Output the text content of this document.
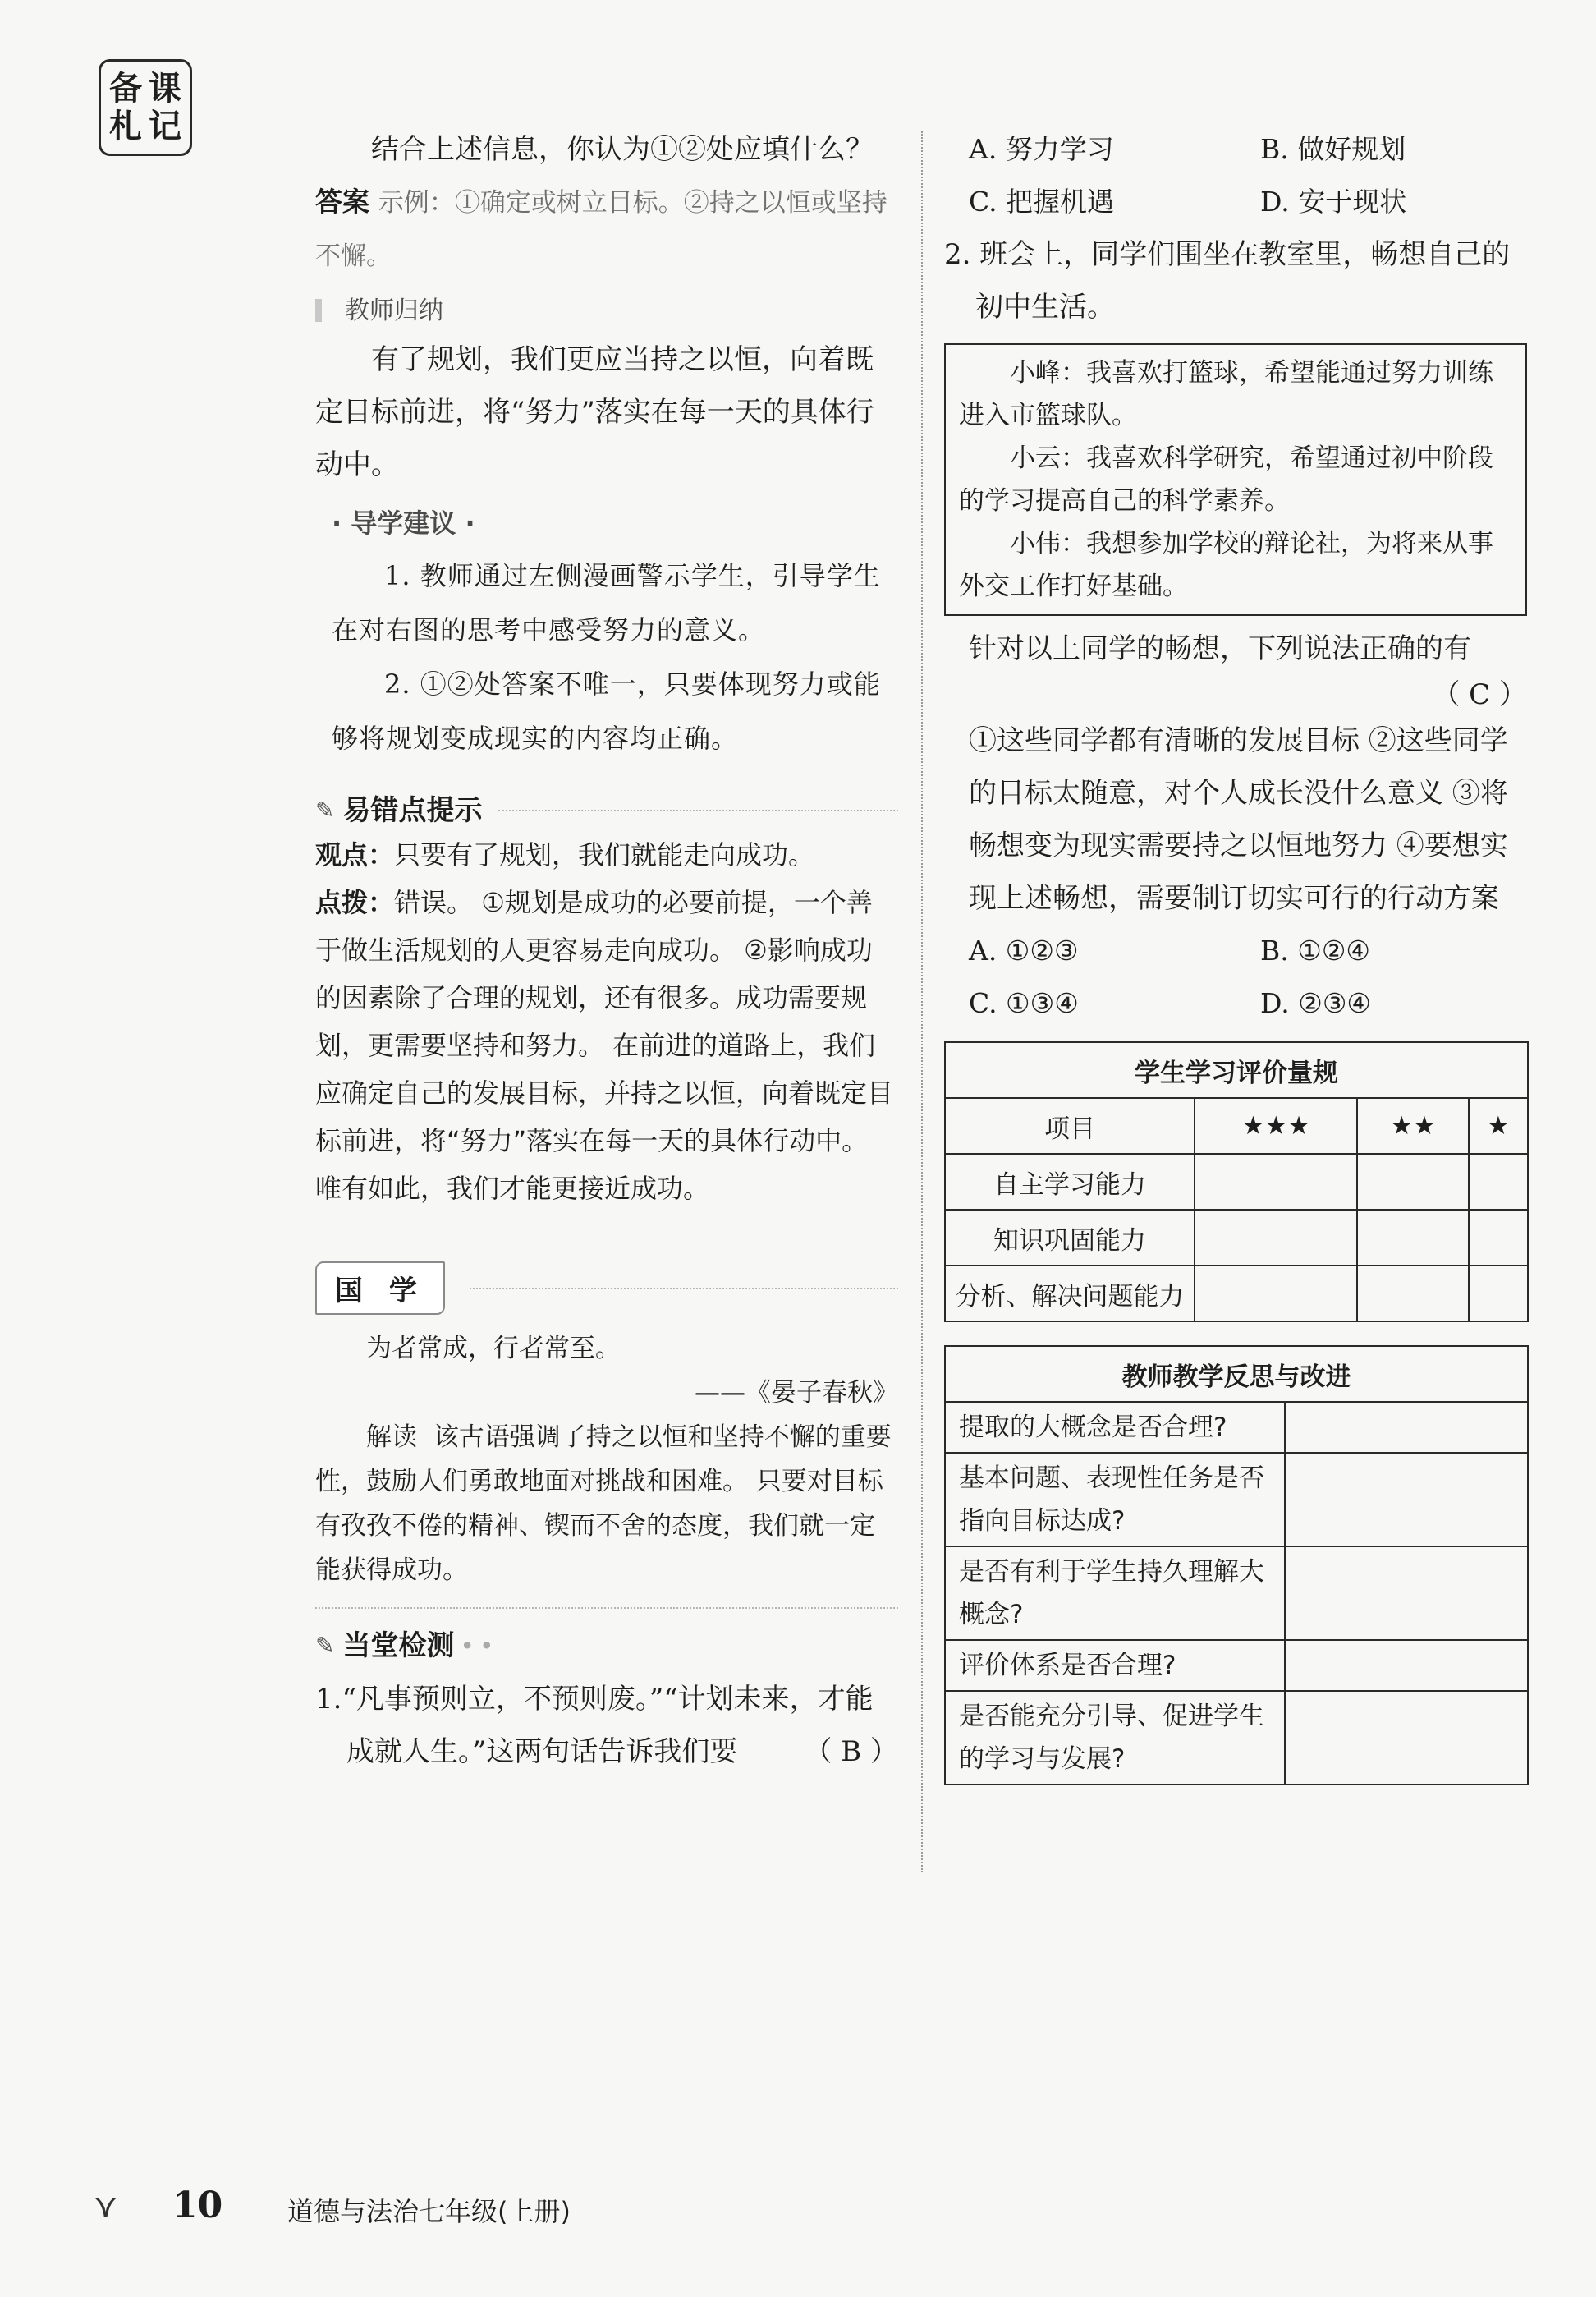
备 课
札 记

结合上述信息，你认为①②处应填什么？

答案 示例：①确定或树立目标。②持之以恒或坚持不懈。

教师归纳

有了规划，我们更应当持之以恒，向着既定目标前进，将“努力”落实在每一天的具体行动中。

· 导学建议 ·

1. 教师通过左侧漫画警示学生，引导学生在对右图的思考中感受努力的意义。

2. ①②处答案不唯一，只要体现努力或能够将规划变成现实的内容均正确。

✎ 易错点提示

观点：只要有了规划，我们就能走向成功。

点拨：错误。 ①规划是成功的必要前提，一个善于做生活规划的人更容易走向成功。 ②影响成功的因素除了合理的规划，还有很多。成功需要规划，更需要坚持和努力。 在前进的道路上，我们应确定自己的发展目标，并持之以恒，向着既定目标前进，将“努力”落实在每一天的具体行动中。 唯有如此，我们才能更接近成功。

国 学

为者常成，行者常至。

——《晏子春秋》

解读 该古语强调了持之以恒和坚持不懈的重要性，鼓励人们勇敢地面对挑战和困难。 只要对目标有孜孜不倦的精神、锲而不舍的态度，我们就一定能获得成功。

✎ 当堂检测 • •

1.“凡事预则立，不预则废。”“计划未来，才能成就人生。”这两句话告诉我们要 （ B ）

A. 努力学习	B. 做好规划
C. 把握机遇	D. 安于现状

2. 班会上，同学们围坐在教室里，畅想自己的初中生活。

小峰：我喜欢打篮球，希望能通过努力训练进入市篮球队。

小云：我喜欢科学研究，希望通过初中阶段的学习提高自己的科学素养。

小伟：我想参加学校的辩论社，为将来从事外交工作打好基础。

针对以上同学的畅想，下列说法正确的有

（ C ）

①这些同学都有清晰的发展目标 ②这些同学的目标太随意，对个人成长没什么意义 ③将畅想变为现实需要持之以恒地努力 ④要想实现上述畅想，需要制订切实可行的行动方案

A. ①②③	B. ①②④
C. ①③④	D. ②③④
学生学习评价量规			
项目	★★★	★★	★
自主学习能力			
知识巩固能力			
分析、解决问题能力			
教师教学反思与改进	
提取的大概念是否合理?	
基本问题、表现性任务是否指向目标达成?	
是否有利于学生持久理解大概念?	
评价体系是否合理?	
是否能充分引导、促进学生的学习与发展?	
⋎ 10 道德与法治七年级(上册)
